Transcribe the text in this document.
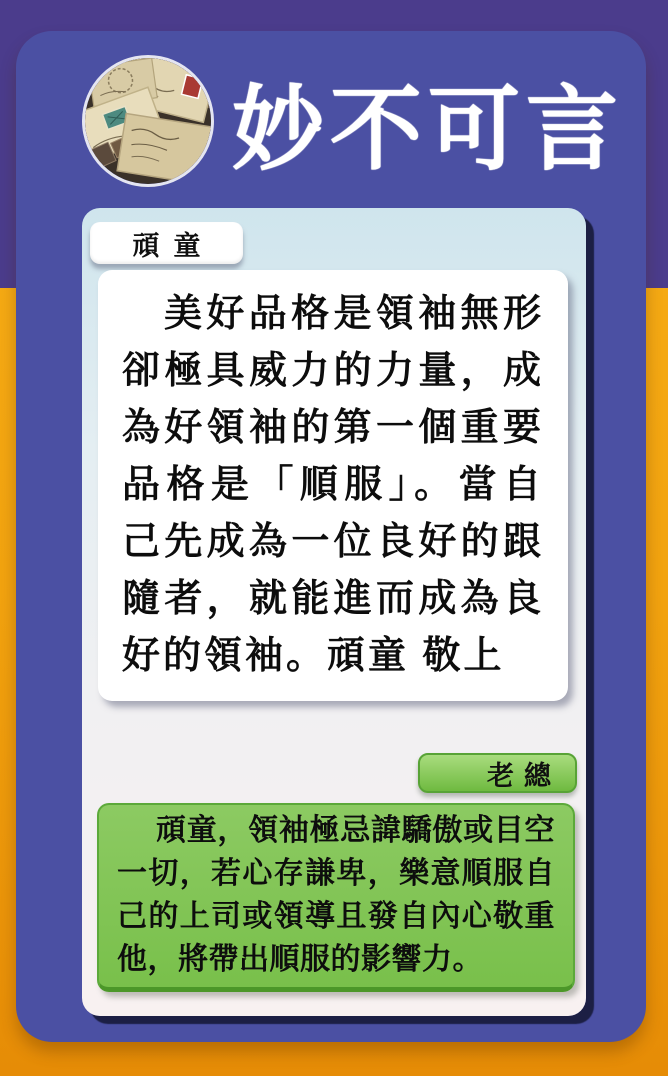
妙不可言
頑童

美好品格是領袖無形卻極具威力的力量，成為好領袖的第一個重要品格是「順服」。當自己先成為一位良好的跟隨者，就能進而成為良好的領袖。頑童 敬上

老總

頑童，領袖極忌諱驕傲或目空一切，若心存謙卑，樂意順服自己的上司或領導且發自內心敬重他，將帶出順服的影響力。
